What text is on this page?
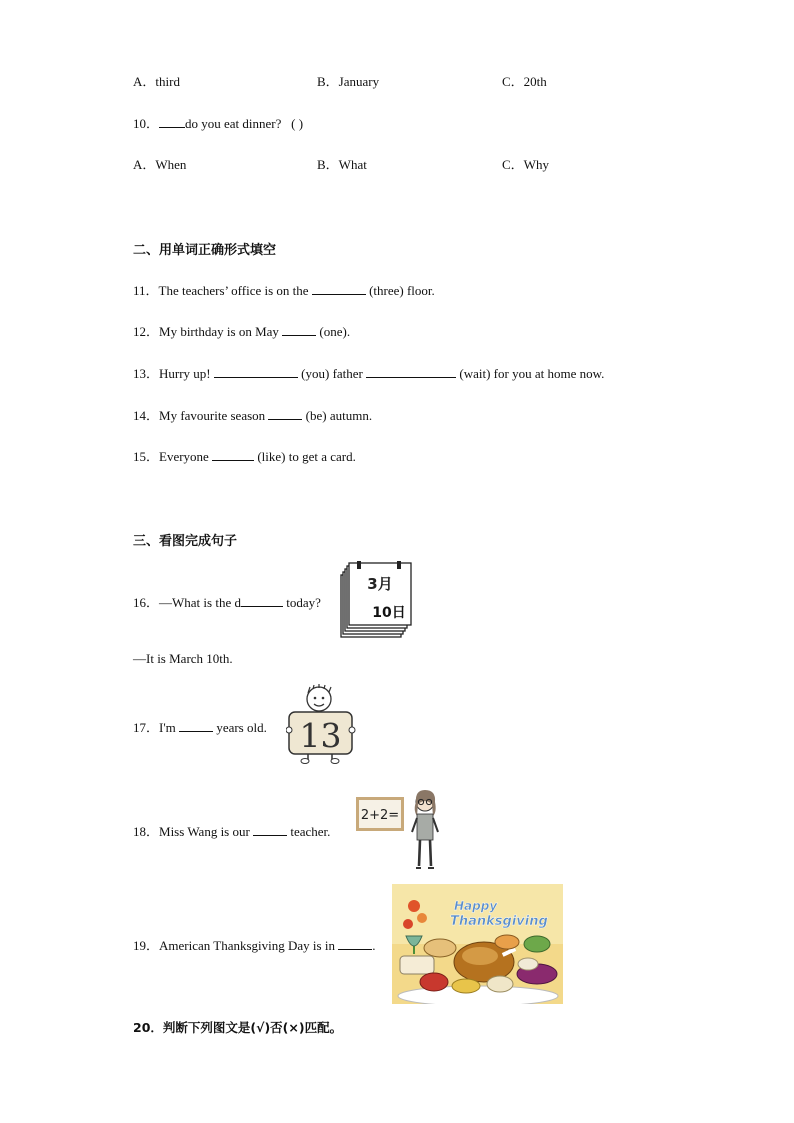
A．third	B．January	C．20th
10． do you eat dinner? ( )
A．When	B．What	C．Why
二、用单词正确形式填空
11．The teachers’ office is on the	(three) floor.
12．My birthday is on May	(one).
13．Hurry up!	(you) father	(wait) for you at home now.
14．My favourite season	(be) autumn.
15．Everyone	(like) to get a card.
三、看图完成句子
16．—What is the d	today?
3月
10日
—It is March 10th.
17．I'm	years old. 13
18．Miss Wang is our	teacher.
2+2=
19．American Thanksgiving Day is in	.
Happy
Thanksgiving
20．判断下列图文是(√)否(×)匹配。
